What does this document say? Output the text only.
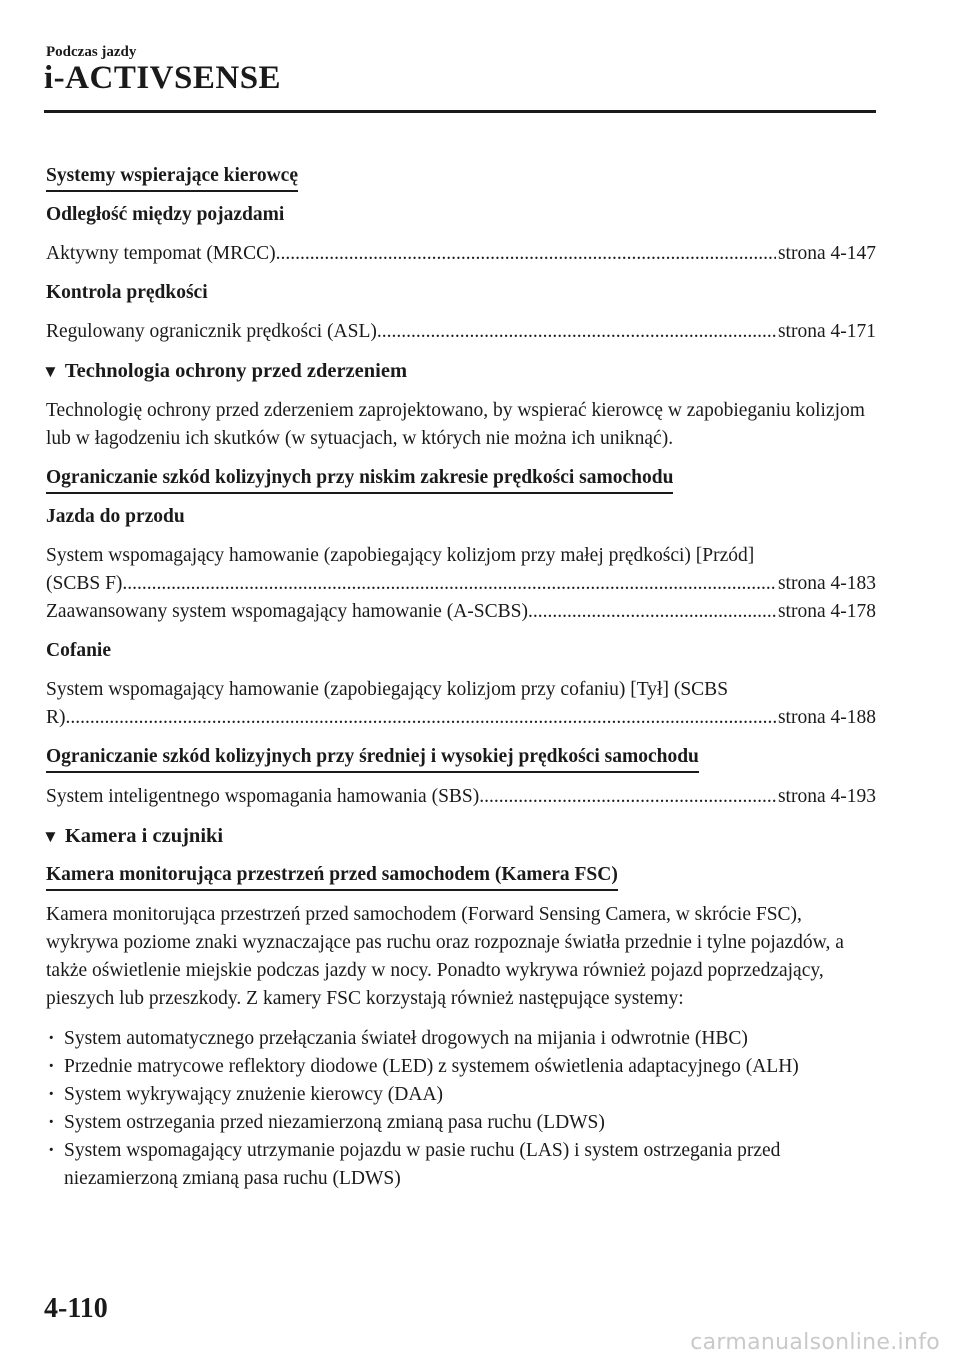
Podczas jazdy
i-ACTIVSENSE
Systemy wspierające kierowcę
Odległość między pojazdami
Aktywny tempomat (MRCC) .....	strona 4-147
Kontrola prędkości
Regulowany ogranicznik prędkości (ASL) .....	strona 4-171
▼ Technologia ochrony przed zderzeniem
Technologię ochrony przed zderzeniem zaprojektowano, by wspierać kierowcę w zapobieganiu kolizjom lub w łagodzeniu ich skutków (w sytuacjach, w których nie można ich uniknąć).
Ograniczanie szkód kolizyjnych przy niskim zakresie prędkości samochodu
Jazda do przodu
System wspomagający hamowanie (zapobiegający kolizjom przy małej prędkości) [Przód]
(SCBS F) .....	strona 4-183
Zaawansowany system wspomagający hamowanie (A-SCBS) .....	strona 4-178
Cofanie
System wspomagający hamowanie (zapobiegający kolizjom przy cofaniu) [Tył] (SCBS
R) .....	strona 4-188
Ograniczanie szkód kolizyjnych przy średniej i wysokiej prędkości samochodu
System inteligentnego wspomagania hamowania (SBS) .....	strona 4-193
▼ Kamera i czujniki
Kamera monitorująca przestrzeń przed samochodem (Kamera FSC)
Kamera monitorująca przestrzeń przed samochodem (Forward Sensing Camera, w skrócie FSC), wykrywa poziome znaki wyznaczające pas ruchu oraz rozpoznaje światła przednie i tylne pojazdów, a także oświetlenie miejskie podczas jazdy w nocy. Ponadto wykrywa również pojazd poprzedzający, pieszych lub przeszkody. Z kamery FSC korzystają również następujące systemy:
· System automatycznego przełączania świateł drogowych na mijania i odwrotnie (HBC)
· Przednie matrycowe reflektory diodowe (LED) z systemem oświetlenia adaptacyjnego (ALH)
· System wykrywający znużenie kierowcy (DAA)
· System ostrzegania przed niezamierzoną zmianą pasa ruchu (LDWS)
· System wspomagający utrzymanie pojazdu w pasie ruchu (LAS) i system ostrzegania przed niezamierzoną zmianą pasa ruchu (LDWS)
4-110
carmanualsonline.info
